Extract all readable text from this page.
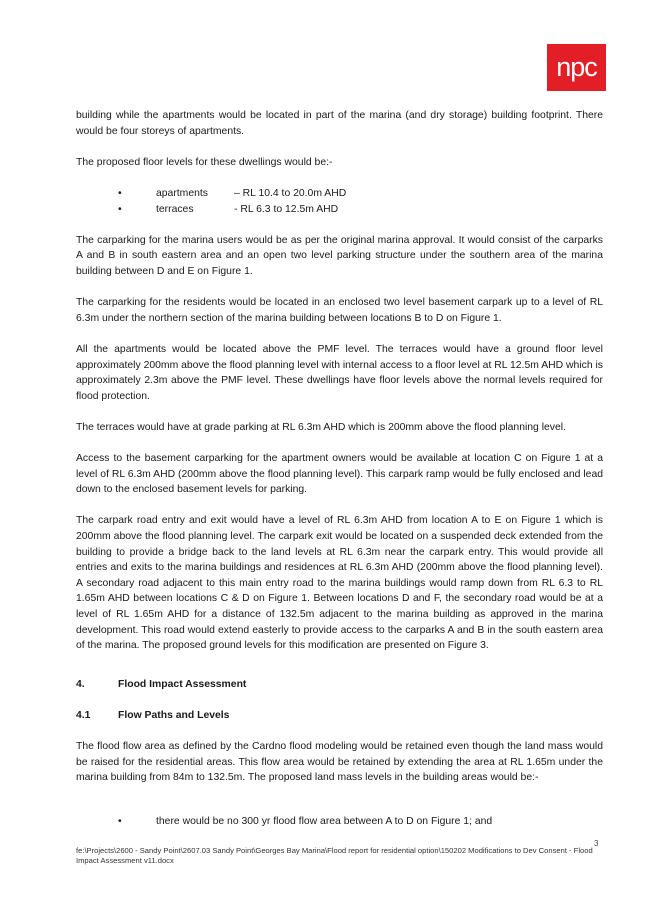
npc

building while the apartments would be located in part of the marina (and dry storage) building footprint. There would be four storeys of apartments.

The proposed floor levels for these dwellings would be:-

•	apartments	– RL 10.4 to 20.0m AHD
•	terraces	- RL 6.3 to 12.5m AHD

The carparking for the marina users would be as per the original marina approval. It would consist of the carparks A and B in south eastern area and an open two level parking structure under the southern area of the marina building between D and E on Figure 1.

The carparking for the residents would be located in an enclosed two level basement carpark up to a level of RL 6.3m under the northern section of the marina building between locations B to D on Figure 1.

All the apartments would be located above the PMF level. The terraces would have a ground floor level approximately 200mm above the flood planning level with internal access to a floor level at RL 12.5m AHD which is approximately 2.3m above the PMF level. These dwellings have floor levels above the normal levels required for flood protection.

The terraces would have at grade parking at RL 6.3m AHD which is 200mm above the flood planning level.

Access to the basement carparking for the apartment owners would be available at location C on Figure 1 at a level of RL 6.3m AHD (200mm above the flood planning level). This carpark ramp would be fully enclosed and lead down to the enclosed basement levels for parking.

The carpark road entry and exit would have a level of RL 6.3m AHD from location A to E on Figure 1 which is 200mm above the flood planning level. The carpark exit would be located on a suspended deck extended from the building to provide a bridge back to the land levels at RL 6.3m near the carpark entry. This would provide all entries and exits to the marina buildings and residences at RL 6.3m AHD (200mm above the flood planning level). A secondary road adjacent to this main entry road to the marina buildings would ramp down from RL 6.3 to RL 1.65m AHD between locations C & D on Figure 1. Between locations D and F, the secondary road would be at a level of RL 1.65m AHD for a distance of 132.5m adjacent to the marina building as approved in the marina development. This road would extend easterly to provide access to the carparks A and B in the south eastern area of the marina. The proposed ground levels for this modification are presented on Figure 3.

4.	Flood Impact Assessment
4.1	Flow Paths and Levels

The flood flow area as defined by the Cardno flood modeling would be retained even though the land mass would be raised for the residential areas. This flow area would be retained by extending the area at RL 1.65m under the marina building from 84m to 132.5m. The proposed land mass levels in the building areas would be:-

•	there would be no 300 yr flood flow area between A to D on Figure 1; and
3
fe:\Projects\2600 - Sandy Point\2607.03 Sandy Point\Georges Bay Marina\Flood report for residential option\150202 Modifications to Dev Consent - Flood Impact Assessment v11.docx
